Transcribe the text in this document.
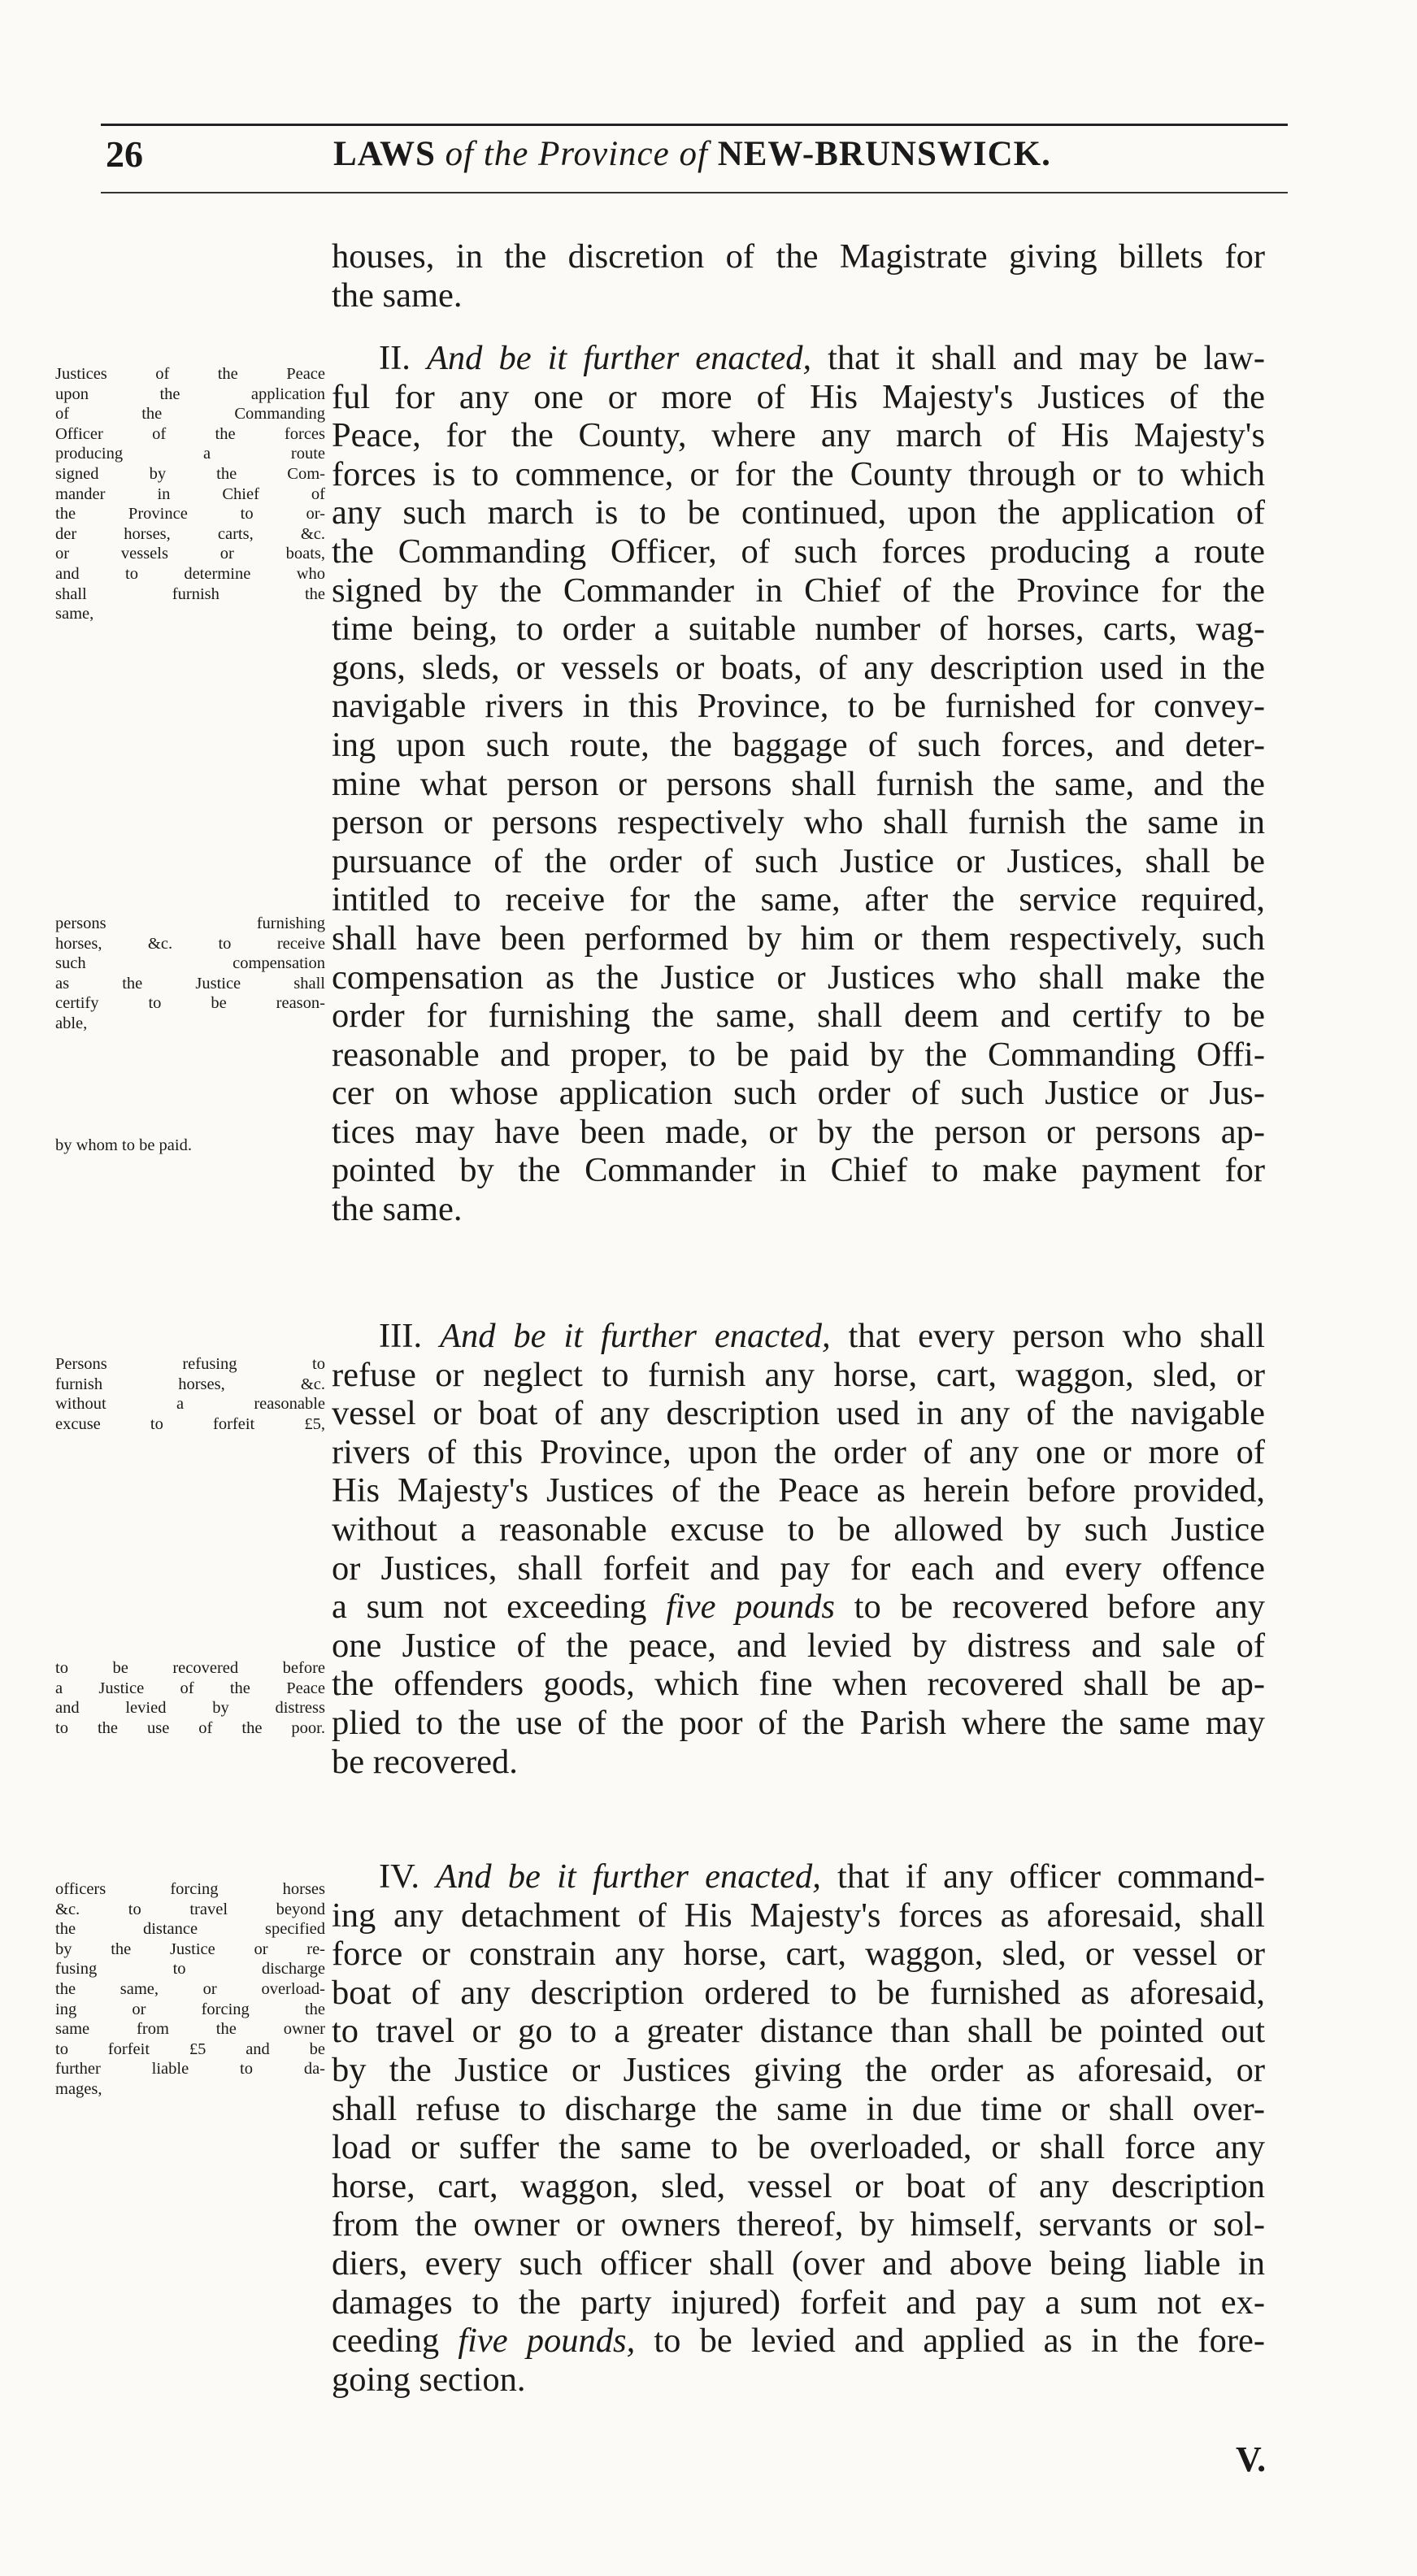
26	LAWS of the Province of NEW-BRUNSWICK.
houses, in the discretion of the Magistrate giving billets for
the same.
Justices of the Peace
upon the application
of the Commanding
Officer of the forces
producing a route
signed by the Com-
mander in Chief of
the Province to or-
der horses, carts, &c.
or vessels or boats,
and to determine who
shall furnish the
same,
persons furnishing
horses, &c. to receive
such compensation
as the Justice shall
certify to be reason-
able,
by whom to be paid.
II. And be it further enacted, that it shall and may be law-
ful for any one or more of His Majesty's Justices of the
Peace, for the County, where any march of His Majesty's
forces is to commence, or for the County through or to which
any such march is to be continued, upon the application of
the Commanding Officer, of such forces producing a route
signed by the Commander in Chief of the Province for the
time being, to order a suitable number of horses, carts, wag-
gons, sleds, or vessels or boats, of any description used in the
navigable rivers in this Province, to be furnished for convey-
ing upon such route, the baggage of such forces, and deter-
mine what person or persons shall furnish the same, and the
person or persons respectively who shall furnish the same in
pursuance of the order of such Justice or Justices, shall be
intitled to receive for the same, after the service required,
shall have been performed by him or them respectively, such
compensation as the Justice or Justices who shall make the
order for furnishing the same, shall deem and certify to be
reasonable and proper, to be paid by the Commanding Offi-
cer on whose application such order of such Justice or Jus-
tices may have been made, or by the person or persons ap-
pointed by the Commander in Chief to make payment for
the same.
Persons refusing to
furnish horses, &c.
without a reasonable
excuse to forfeit £5,
to be recovered before
a Justice of the Peace
and levied by distress
to the use of the poor.
III. And be it further enacted, that every person who shall
refuse or neglect to furnish any horse, cart, waggon, sled, or
vessel or boat of any description used in any of the navigable
rivers of this Province, upon the order of any one or more of
His Majesty's Justices of the Peace as herein before provided,
without a reasonable excuse to be allowed by such Justice
or Justices, shall forfeit and pay for each and every offence
a sum not exceeding five pounds to be recovered before any
one Justice of the peace, and levied by distress and sale of
the offenders goods, which fine when recovered shall be ap-
plied to the use of the poor of the Parish where the same may
be recovered.
officers forcing horses
&c. to travel beyond
the distance specified
by the Justice or re-
fusing to discharge
the same, or overload-
ing or forcing the
same from the owner
to forfeit £5 and be
further liable to da-
mages,
IV. And be it further enacted, that if any officer command-
ing any detachment of His Majesty's forces as aforesaid, shall
force or constrain any horse, cart, waggon, sled, or vessel or
boat of any description ordered to be furnished as aforesaid,
to travel or go to a greater distance than shall be pointed out
by the Justice or Justices giving the order as aforesaid, or
shall refuse to discharge the same in due time or shall over-
load or suffer the same to be overloaded, or shall force any
horse, cart, waggon, sled, vessel or boat of any description
from the owner or owners thereof, by himself, servants or sol-
diers, every such officer shall (over and above being liable in
damages to the party injured) forfeit and pay a sum not ex-
ceeding five pounds, to be levied and applied as in the fore-
going section.
V.
